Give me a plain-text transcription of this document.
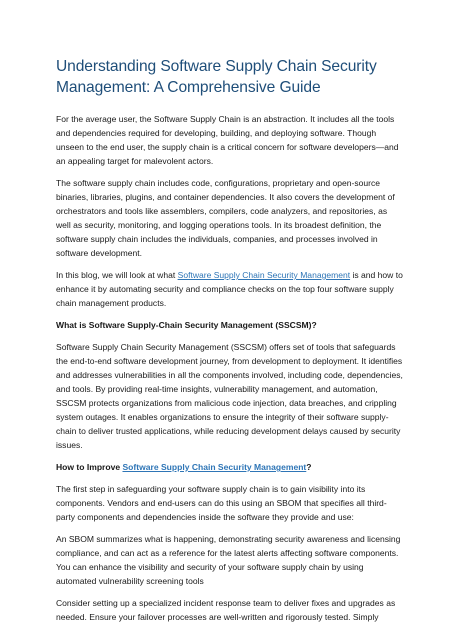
Understanding Software Supply Chain Security
Management: A Comprehensive Guide

For the average user, the Software Supply Chain is an abstraction. It includes all the tools and dependencies required for developing, building, and deploying software. Though unseen to the end user, the supply chain is a critical concern for software developers—and an appealing target for malevolent actors.

The software supply chain includes code, configurations, proprietary and open-source binaries, libraries, plugins, and container dependencies. It also covers the development of orchestrators and tools like assemblers, compilers, code analyzers, and repositories, as well as security, monitoring, and logging operations tools. In its broadest definition, the software supply chain includes the individuals, companies, and processes involved in software development.

In this blog, we will look at what Software Supply Chain Security Management is and how to enhance it by automating security and compliance checks on the top four software supply chain management products.

What is Software Supply-Chain Security Management (SSCSM)?

Software Supply Chain Security Management (SSCSM) offers set of tools that safeguards the end-to-end software development journey, from development to deployment. It identifies and addresses vulnerabilities in all the components involved, including code, dependencies, and tools. By providing real-time insights, vulnerability management, and automation, SSCSM protects organizations from malicious code injection, data breaches, and crippling system outages. It enables organizations to ensure the integrity of their software supply-chain to deliver trusted applications, while reducing development delays caused by security issues.

How to Improve Software Supply Chain Security Management?

The first step in safeguarding your software supply chain is to gain visibility into its components. Vendors and end-users can do this using an SBOM that specifies all third-party components and dependencies inside the software they provide and use:

An SBOM summarizes what is happening, demonstrating security awareness and licensing compliance, and can act as a reference for the latest alerts affecting software components. You can enhance the visibility and security of your software supply chain by using automated vulnerability screening tools

Consider setting up a specialized incident response team to deliver fixes and upgrades as needed. Ensure your failover processes are well-written and rigorously tested. Simply
